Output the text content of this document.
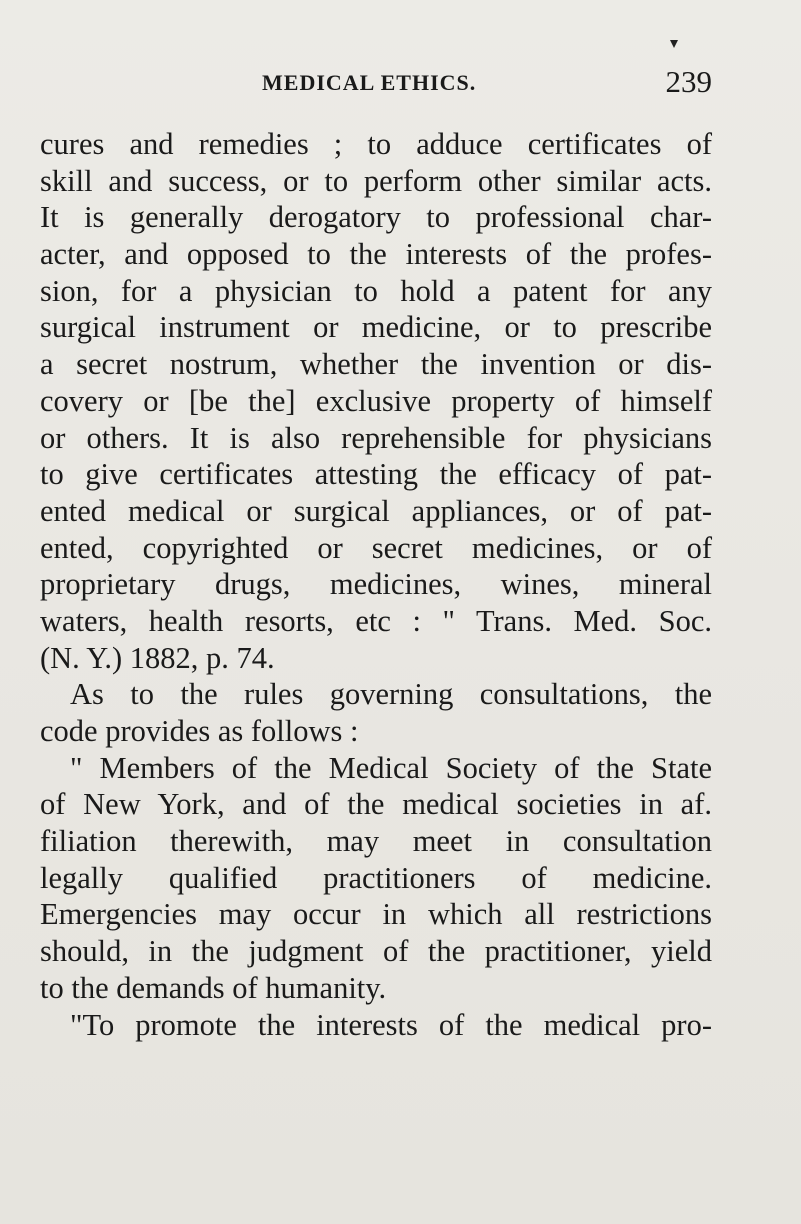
MEDICAL ETHICS.	239
cures and remedies ; to adduce certificates of
skill and success, or to perform other similar acts.
It is generally derogatory to professional char-
acter, and opposed to the interests of the profes-
sion, for a physician to hold a patent for any
surgical instrument or medicine, or to prescribe
a secret nostrum, whether the invention or dis-
covery or [be the] exclusive property of himself
or others. It is also reprehensible for physicians
to give certificates attesting the efficacy of pat-
ented medical or surgical appliances, or of pat-
ented, copyrighted or secret medicines, or of
proprietary drugs, medicines, wines, mineral
waters, health resorts, etc : " Trans. Med. Soc.
(N. Y.) 1882, p. 74.
As to the rules governing consultations, the
code provides as follows :
" Members of the Medical Society of the State
of New York, and of the medical societies in af.
filiation therewith, may meet in consultation
legally qualified practitioners of medicine.
Emergencies may occur in which all restrictions
should, in the judgment of the practitioner, yield
to the demands of humanity.
"To promote the interests of the medical pro-
